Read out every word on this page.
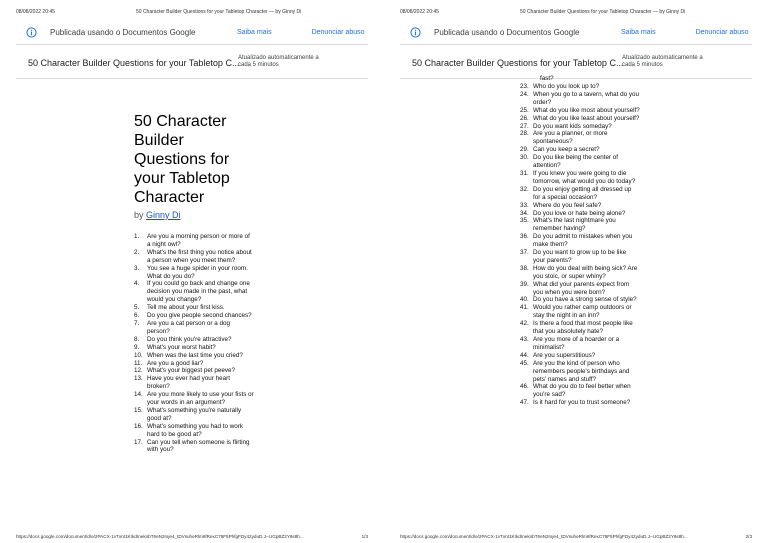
08/08/2022 20:45	50 Character Builder Questions for your Tabletop Character — by Ginny Di
Publicada usando o Documentos Google	Saiba mais	Denunciar abuso
50 Character Builder Questions for your Tabletop C...
Atualizado automaticamente a cada 5 minutos
https://docs.google.com/document/d/e/2PACX-1vTvnt1KrkdIneknbT6eN2mje4_tDVsuheRlm6fRexC79F5PhfgFDy42yduD.J--UGpBZ2Y6s8h...	1/3
50 Character Builder Questions for your Tabletop Character
by Ginny Di
1. Are you a morning person or more of a night owl?
2. What's the first thing you notice about a person when you meet them?
3. You see a huge spider in your room. What do you do?
4. If you could go back and change one decision you made in the past, what would you change?
5. Tell me about your first kiss.
6. Do you give people second chances?
7. Are you a cat person or a dog person?
8. Do you think you're attractive?
9. What's your worst habit?
10. When was the last time you cried?
11. Are you a good liar?
12. What's your biggest pet peeve?
13. Have you ever had your heart broken?
14. Are you more likely to use your fists or your words in an argument?
15. What's something you're naturally good at?
16. What's something you had to work hard to be good at?
17. Can you tell when someone is flirting with you?
08/08/2022 20:45	50 Character Builder Questions for your Tabletop Character — by Ginny Di
Publicada usando o Documentos Google	Saiba mais	Denunciar abuso
50 Character Builder Questions for your Tabletop C...
Atualizado automaticamente a cada 5 minutos
https://docs.google.com/document/d/e/2PACX-1vTvnt1KrkdIneknbT6eN2mje4_tDVsuheRlm6fRexC79F5PhfgFDy42yduD.J--UGpBZ2Y6s8h...	2/3
fast?
23. Who do you look up to?
24. When you go to a tavern, what do you order?
25. What do you like most about yourself?
26. What do you like least about yourself?
27. Do you want kids someday?
28. Are you a planner, or more spontaneous?
29. Can you keep a secret?
30. Do you like being the center of attention?
31. If you knew you were going to die tomorrow, what would you do today?
32. Do you enjoy getting all dressed up for a special occasion?
33. Where do you feel safe?
34. Do you love or hate being alone?
35. What's the last nightmare you remember having?
36. Do you admit to mistakes when you make them?
37. Do you want to grow up to be like your parents?
38. How do you deal with being sick? Are you stoic, or super whiny?
39. What did your parents expect from you when you were born?
40. Do you have a strong sense of style?
41. Would you rather camp outdoors or stay the night in an inn?
42. Is there a food that most people like that you absolutely hate?
43. Are you more of a hoarder or a minimalist?
44. Are you superstitious?
45. Are you the kind of person who remembers people's birthdays and pets' names and stuff?
46. What do you do to feel better when you're sad?
47. Is it hard for you to trust someone?
